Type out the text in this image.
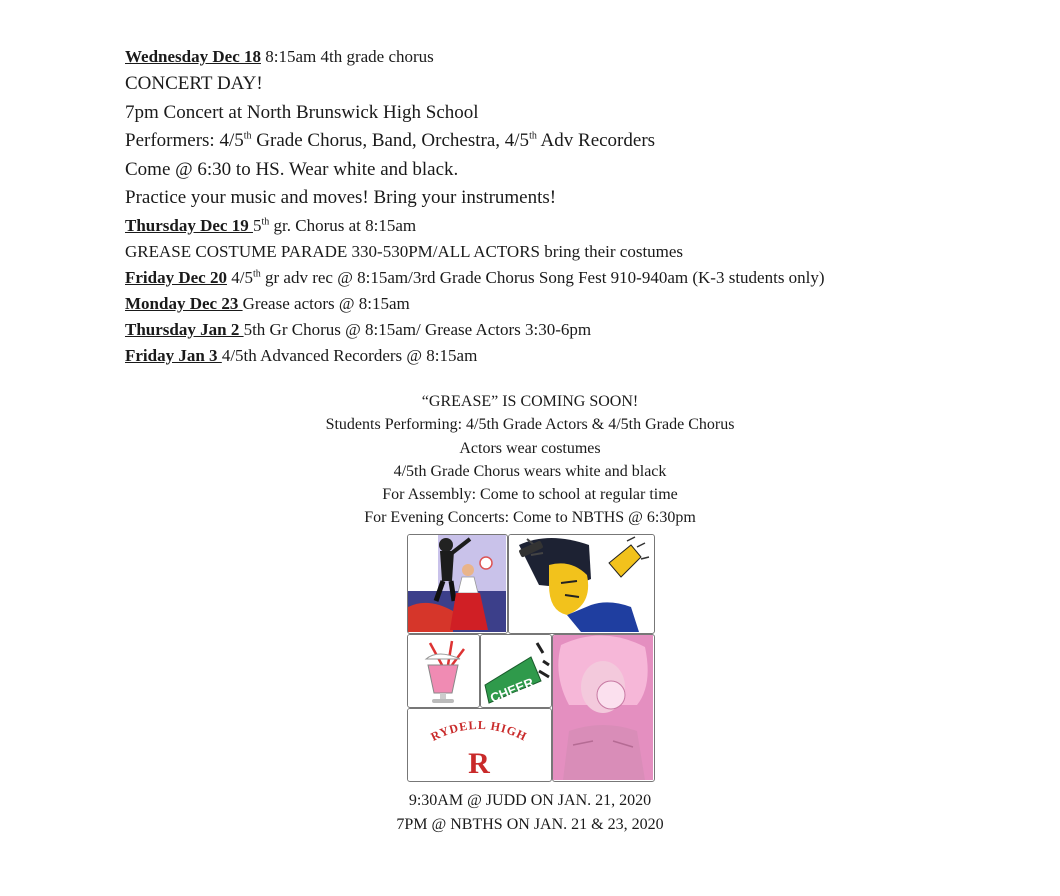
Wednesday Dec 18 8:15am 4th grade chorus
CONCERT DAY!
7pm Concert at North Brunswick High School
Performers: 4/5th Grade Chorus, Band, Orchestra, 4/5th Adv Recorders
Come @ 6:30 to HS. Wear white and black.
Practice your music and moves! Bring your instruments!
Thursday Dec 19 5th gr. Chorus at 8:15am
GREASE COSTUME PARADE 330-530PM/ALL ACTORS bring their costumes
Friday Dec 20 4/5th gr adv rec @ 8:15am/3rd Grade Chorus Song Fest 910-940am (K-3 students only)
Monday Dec 23 Grease actors @ 8:15am
Thursday Jan 2 5th Gr Chorus @ 8:15am/ Grease Actors 3:30-6pm
Friday Jan 3 4/5th Advanced Recorders @ 8:15am
“GREASE” IS COMING SOON!
Students Performing: 4/5th Grade Actors & 4/5th Grade Chorus
Actors wear costumes
4/5th Grade Chorus wears white and black
For Assembly: Come to school at regular time
For Evening Concerts: Come to NBTHS @ 6:30pm
CHEER
RYDELL HIGH
R
9:30AM @ JUDD ON JAN. 21, 2020
7PM @ NBTHS ON JAN. 21 & 23, 2020
